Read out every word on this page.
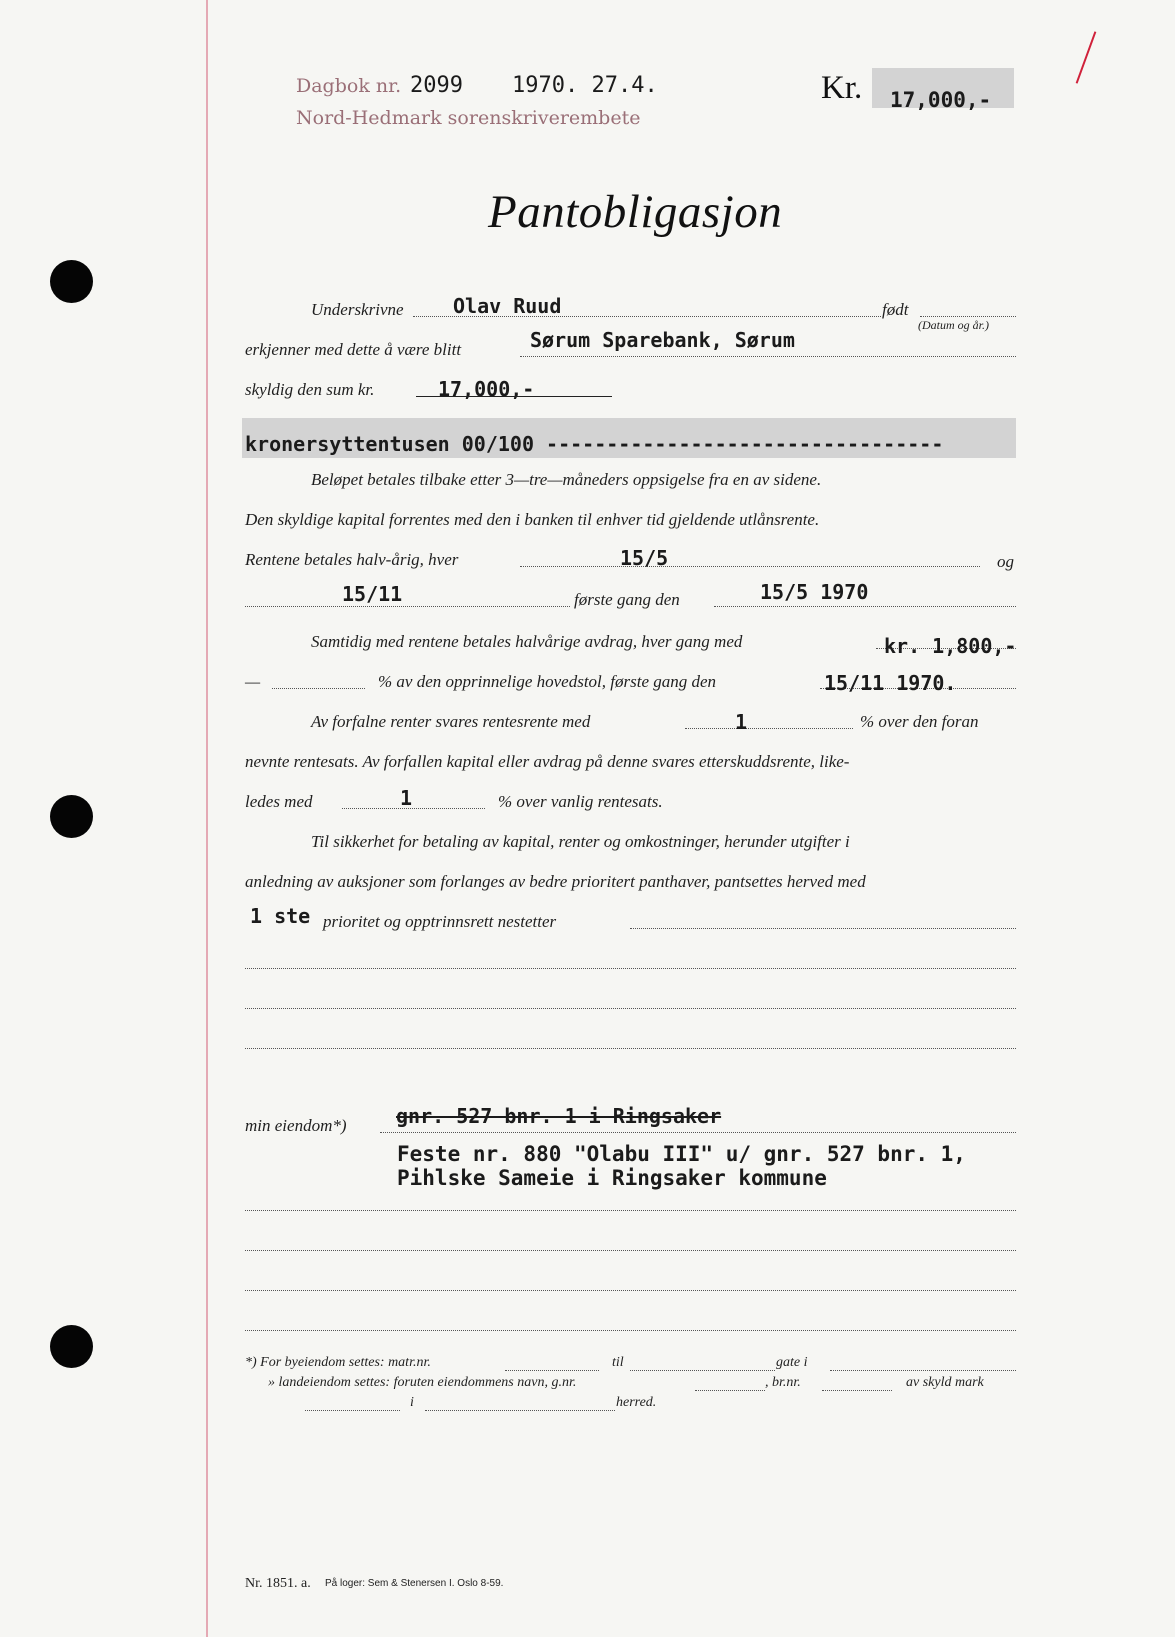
Dagbok nr. 2099 1970. 27.4.
Nord-Hedmark sorenskriverembete
Kr. 17,000,-
Pantobligasjon
Underskrivne Olav Ruud	født
(Datum og år.)
erkjenner med dette å være blitt	Sørum Sparebank, Sørum
skyldig den sum kr.	17,000,-
kronersyttentusen 00/100 ---------------------------------
Beløpet betales tilbake etter 3—tre—måneders oppsigelse fra en av sidene.
Den skyldige kapital forrentes med den i banken til enhver tid gjeldende utlånsrente.
Rentene betales halv-årig, hver	15/5	og
15/11	første gang den	15/5 1970
Samtidig med rentene betales halvårige avdrag, hver gang med	kr. 1,800,-
—	% av den opprinnelige hovedstol, første gang den	15/11 1970.
Av forfalne renter svares rentesrente med	1	% over den foran
nevnte rentesats. Av forfallen kapital eller avdrag på denne svares etterskuddsrente, like-
ledes med	1	% over vanlig rentesats.
Til sikkerhet for betaling av kapital, renter og omkostninger, herunder utgifter i
anledning av auksjoner som forlanges av bedre prioritert panthaver, pantsettes herved med
1 ste prioritet og opptrinnsrett nestetter
min eiendom*) gnr. 527 bnr. 1 i Ringsaker
Feste nr. 880 "Olabu III" u/ gnr. 527 bnr. 1,
Pihlske Sameie i Ringsaker kommune
*) For byeiendom settes: matr.nr.	til	gate i
» landeiendom settes: foruten eiendommens navn, g.nr.	, br.nr.	av skyld mark
i	herred.
Nr. 1851. a. På loger: Sem & Stenersen I. Oslo 8-59.
